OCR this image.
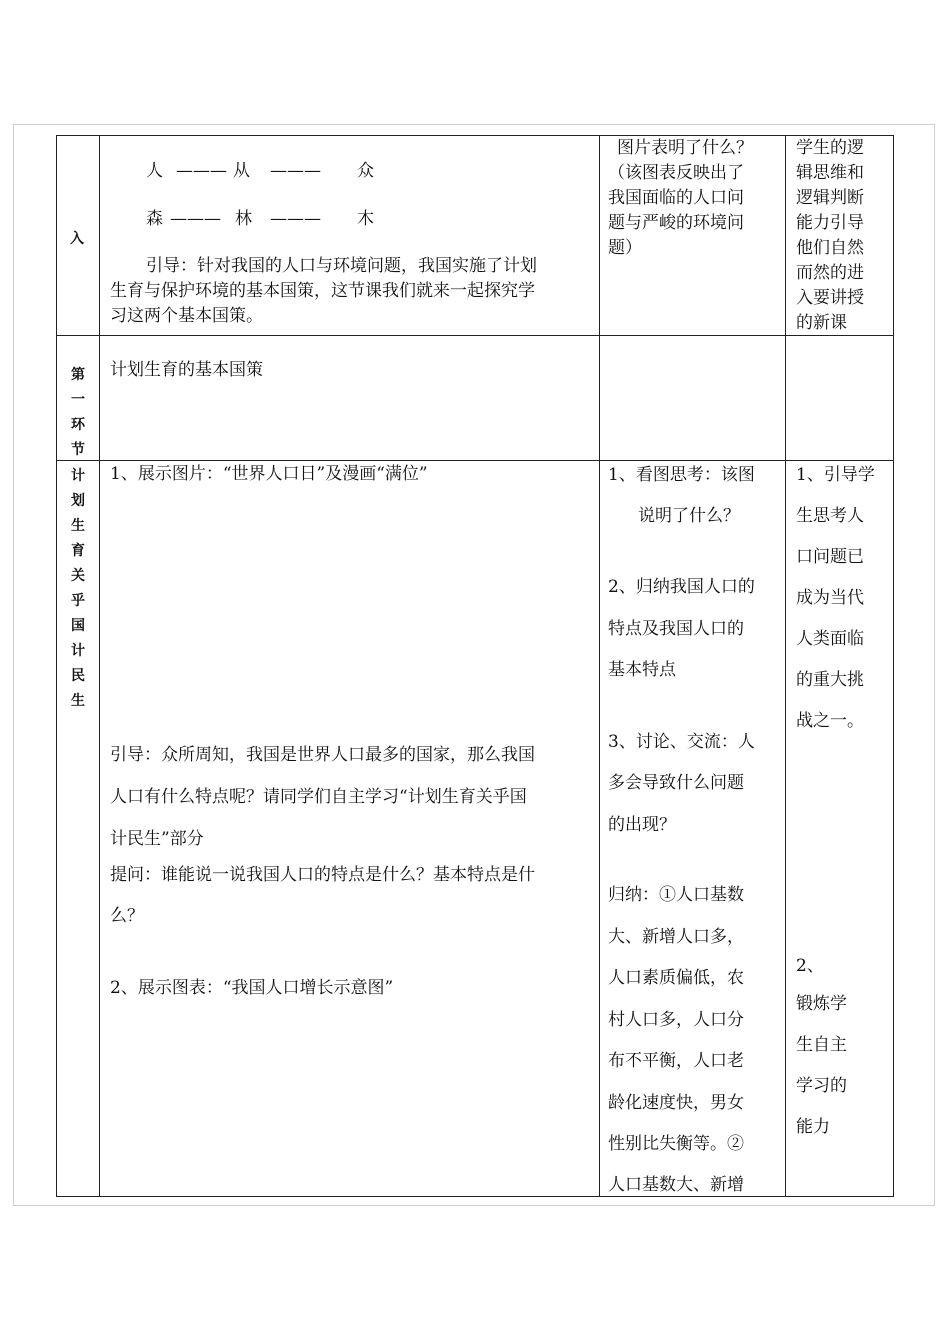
入
人 ——— 从 ——— 众
森 ——— 林 ——— 木
引导：针对我国的人口与环境问题，我国实施了计划
生育与保护环境的基本国策，这节课我们就来一起探究学
习这两个基本国策。
图片表明了什么？
（该图表反映出了
我国面临的人口问
题与严峻的环境问
题）
学生的逻
辑思维和
逻辑判断
能力引导
他们自然
而然的进
入要讲授
的新课
第
一
环
节
计划生育的基本国策
计
划
生
育
关
乎
国
计
民
生
1、展示图片：“世界人口日”及漫画“满位”
引导：众所周知，我国是世界人口最多的国家，那么我国
人口有什么特点呢？请同学们自主学习“计划生育关乎国
计民生”部分
提问：谁能说一说我国人口的特点是什么？基本特点是什
么？
2、展示图表：“我国人口增长示意图”
1、看图思考：该图
说明了什么？
2、归纳我国人口的
特点及我国人口的
基本特点
3、讨论、交流：人
多会导致什么问题
的出现？
归纳：①人口基数
大、新增人口多，
人口素质偏低，农
村人口多，人口分
布不平衡，人口老
龄化速度快，男女
性别比失衡等。②
人口基数大、新增
1、引导学
生思考人
口问题已
成为当代
人类面临
的重大挑
战之一。
2、
锻炼学
生自主
学习的
能力
